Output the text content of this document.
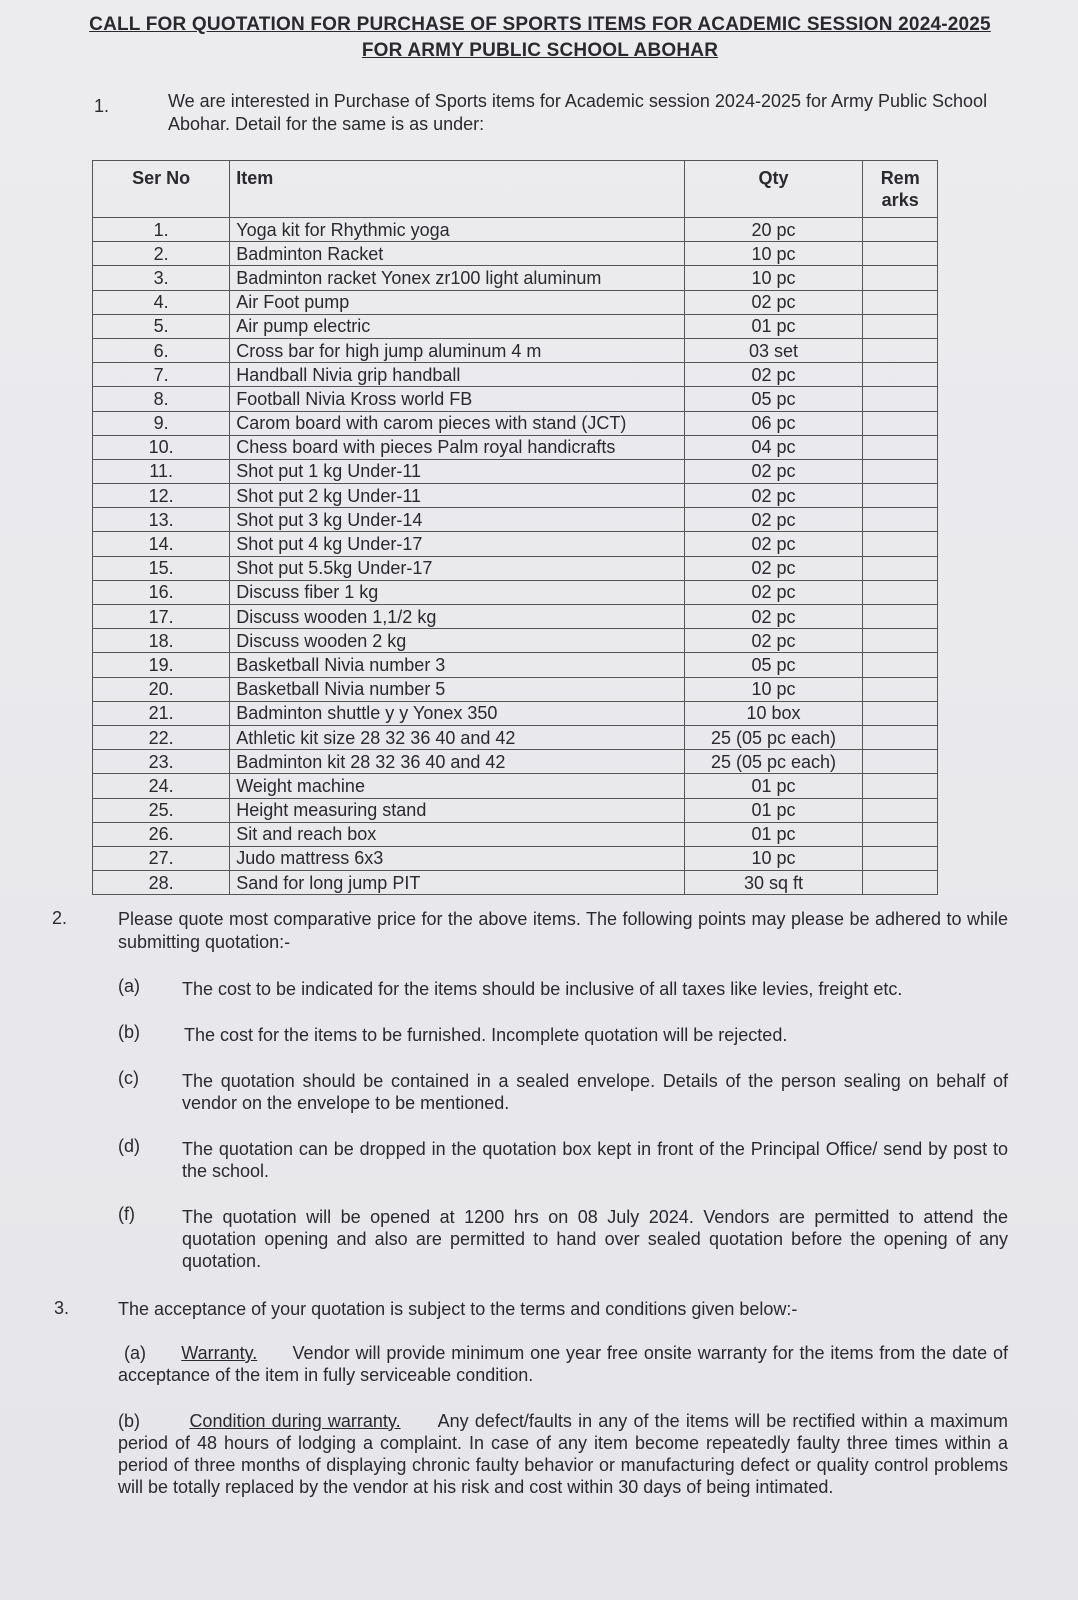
CALL FOR QUOTATION FOR PURCHASE OF SPORTS ITEMS FOR ACADEMIC SESSION 2024-2025
FOR ARMY PUBLIC SCHOOL ABOHAR
1.	We are interested in Purchase of Sports items for Academic session 2024-2025 for Army Public School Abohar. Detail for the same is as under:
Ser No	Item	Qty	Rem arks
1.	Yoga kit for Rhythmic yoga	20 pc	
2.	Badminton Racket	10 pc	
3.	Badminton racket Yonex zr100 light aluminum	10 pc	
4.	Air Foot pump	02 pc	
5.	Air pump electric	01 pc	
6.	Cross bar for high jump aluminum 4 m	03 set	
7.	Handball Nivia grip handball	02 pc	
8.	Football Nivia Kross world FB	05 pc	
9.	Carom board with carom pieces with stand (JCT)	06 pc	
10.	Chess board with pieces Palm royal handicrafts	04 pc	
11.	Shot put 1 kg Under-11	02 pc	
12.	Shot put 2 kg Under-11	02 pc	
13.	Shot put 3 kg Under-14	02 pc	
14.	Shot put 4 kg Under-17	02 pc	
15.	Shot put 5.5kg Under-17	02 pc	
16.	Discuss fiber 1 kg	02 pc	
17.	Discuss wooden 1,1/2 kg	02 pc	
18.	Discuss wooden 2 kg	02 pc	
19.	Basketball Nivia number 3	05 pc	
20.	Basketball Nivia number 5	10 pc	
21.	Badminton shuttle y y Yonex 350	10 box	
22.	Athletic kit size 28 32 36 40 and 42	25 (05 pc each)	
23.	Badminton kit 28 32 36 40 and 42	25 (05 pc each)	
24.	Weight machine	01 pc	
25.	Height measuring stand	01 pc	
26.	Sit and reach box	01 pc	
27.	Judo mattress 6x3	10 pc	
28.	Sand for long jump PIT	30 sq ft	
2.	Please quote most comparative price for the above items. The following points may please be adhered to while submitting quotation:-
(a) The cost to be indicated for the items should be inclusive of all taxes like levies, freight etc.
(b) The cost for the items to be furnished. Incomplete quotation will be rejected.
(c) The quotation should be contained in a sealed envelope. Details of the person sealing on behalf of vendor on the envelope to be mentioned.
(d) The quotation can be dropped in the quotation box kept in front of the Principal Office/ send by post to the school.
(f)	The quotation will be opened at 1200 hrs on 08 July 2024. Vendors are permitted to attend the quotation opening and also are permitted to hand over sealed quotation before the opening of any quotation.
3.	The acceptance of your quotation is subject to the terms and conditions given below:-
(a) Warranty. Vendor will provide minimum one year free onsite warranty for the items from the date of acceptance of the item in fully serviceable condition.
(b)	Condition during warranty. Any defect/faults in any of the items will be rectified within a maximum period of 48 hours of lodging a complaint. In case of any item become repeatedly faulty three times within a period of three months of displaying chronic faulty behavior or manufacturing defect or quality control problems will be totally replaced by the vendor at his risk and cost within 30 days of being intimated.
